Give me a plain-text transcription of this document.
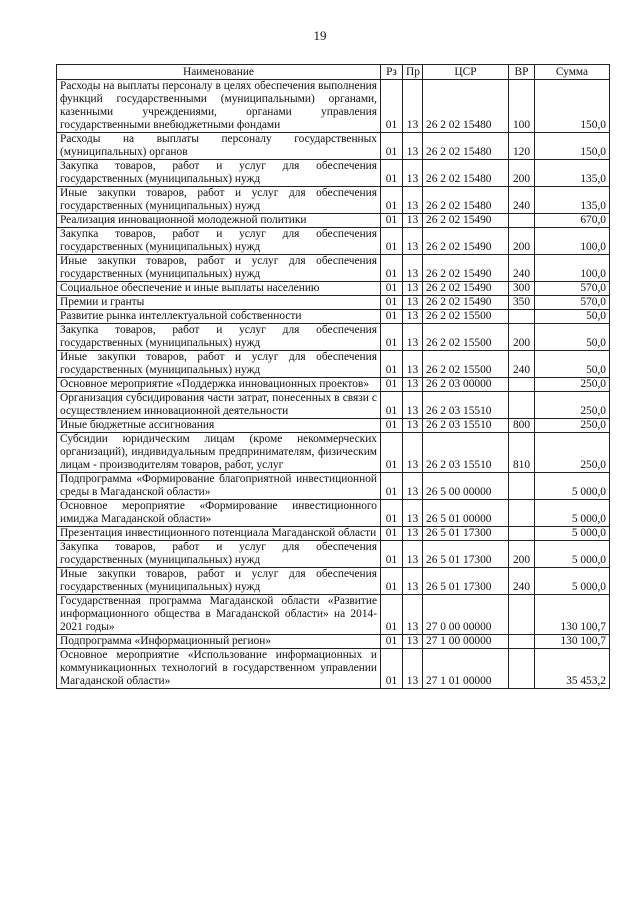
19
Наименование	Рз	Пр	ЦСР	ВР	Сумма
Расходы на выплаты персоналу в целях обеспечения выполнения функций государственными (муниципальными) органами, казенными учреждениями, органами управления государственными внебюджетными фондами	01	13	26 2 02 15480	100	150,0
Расходы на выплаты персоналу государственных (муниципальных) органов	01	13	26 2 02 15480	120	150,0
Закупка товаров, работ и услуг для обеспечения государственных (муниципальных) нужд	01	13	26 2 02 15480	200	135,0
Иные закупки товаров, работ и услуг для обеспечения государственных (муниципальных) нужд	01	13	26 2 02 15480	240	135,0
Реализация инновационной молодежной политики	01	13	26 2 02 15490		670,0
Закупка товаров, работ и услуг для обеспечения государственных (муниципальных) нужд	01	13	26 2 02 15490	200	100,0
Иные закупки товаров, работ и услуг для обеспечения государственных (муниципальных) нужд	01	13	26 2 02 15490	240	100,0
Социальное обеспечение и иные выплаты населению	01	13	26 2 02 15490	300	570,0
Премии и гранты	01	13	26 2 02 15490	350	570,0
Развитие рынка интеллектуальной собственности	01	13	26 2 02 15500		50,0
Закупка товаров, работ и услуг для обеспечения государственных (муниципальных) нужд	01	13	26 2 02 15500	200	50,0
Иные закупки товаров, работ и услуг для обеспечения государственных (муниципальных) нужд	01	13	26 2 02 15500	240	50,0
Основное мероприятие «Поддержка инновационных проектов»	01	13	26 2 03 00000		250,0
Организация субсидирования части затрат, понесенных в связи с осуществлением инновационной деятельности	01	13	26 2 03 15510		250,0
Иные бюджетные ассигнования	01	13	26 2 03 15510	800	250,0
Субсидии юридическим лицам (кроме некоммерческих организаций), индивидуальным предпринимателям, физическим лицам - производителям товаров, работ, услуг	01	13	26 2 03 15510	810	250,0
Подпрограмма «Формирование благоприятной инвестиционной среды в Магаданской области»	01	13	26 5 00 00000		5 000,0
Основное мероприятие «Формирование инвестиционного имиджа Магаданской области»	01	13	26 5 01 00000		5 000,0
Презентация инвестиционного потенциала Магаданской области	01	13	26 5 01 17300		5 000,0
Закупка товаров, работ и услуг для обеспечения государственных (муниципальных) нужд	01	13	26 5 01 17300	200	5 000,0
Иные закупки товаров, работ и услуг для обеспечения государственных (муниципальных) нужд	01	13	26 5 01 17300	240	5 000,0
Государственная программа Магаданской области «Развитие информационного общества в Магаданской области» на 2014-2021 годы»	01	13	27 0 00 00000		130 100,7
Подпрограмма «Информационный регион»	01	13	27 1 00 00000		130 100,7
Основное мероприятие «Использование информационных и коммуникационных технологий в государственном управлении Магаданской области»	01	13	27 1 01 00000		35 453,2
